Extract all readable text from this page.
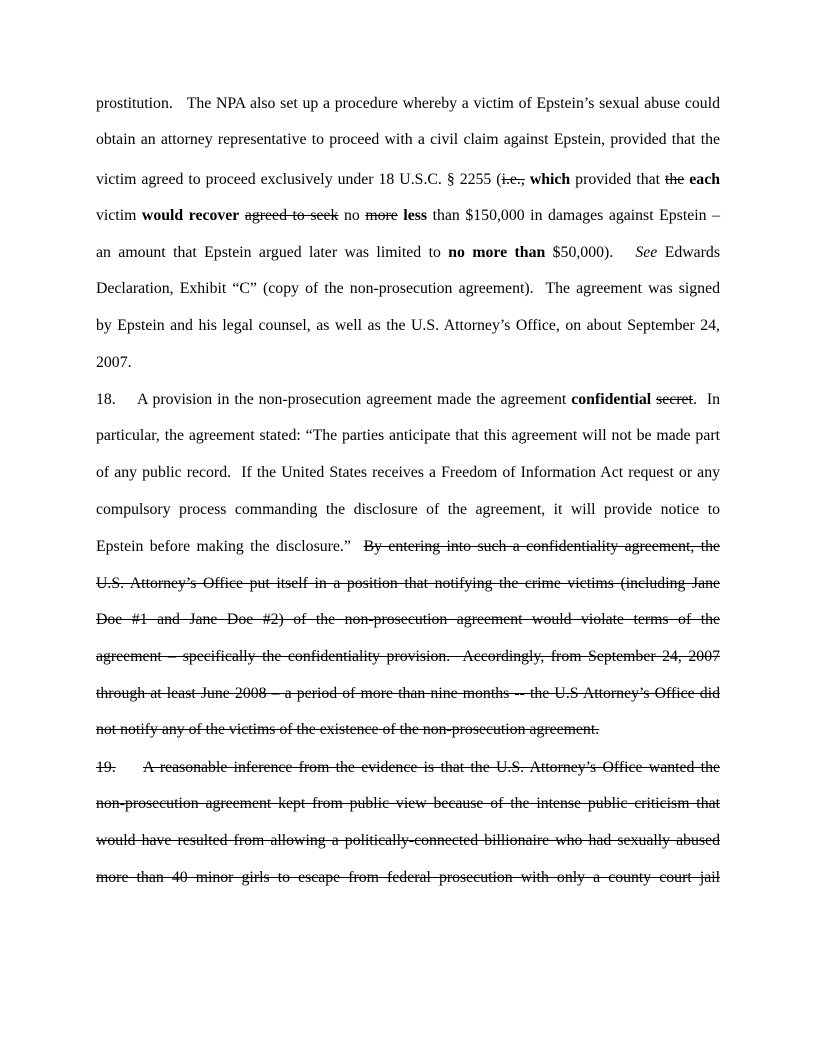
prostitution.   The NPA also set up a procedure whereby a victim of Epstein’s sexual abuse could
obtain an attorney representative to proceed with a civil claim against Epstein, provided that the
victim agreed to proceed exclusively under 18 U.S.C. § 2255 (i.e., which provided that the each
victim would recover agreed to seek no more less than $150,000 in damages against Epstein –
an amount that Epstein argued later was limited to no more than $50,000).   See Edwards
Declaration, Exhibit “C” (copy of the non-prosecution agreement).  The agreement was signed
by Epstein and his legal counsel, as well as the U.S. Attorney’s Office, on about September 24,
2007.
18. A provision in the non-prosecution agreement made the agreement confidential secret.  In
particular, the agreement stated: “The parties anticipate that this agreement will not be made part
of any public record.  If the United States receives a Freedom of Information Act request or any
compulsory process commanding the disclosure of the agreement, it will provide notice to
Epstein before making the disclosure.”  By entering into such a confidentiality agreement, the
U.S. Attorney’s Office put itself in a position that notifying the crime victims (including Jane
Doe #1 and Jane Doe #2) of the non-prosecution agreement would violate terms of the
agreement – specifically the confidentiality provision.  Accordingly, from September 24, 2007
through at least June 2008 – a period of more than nine months -- the U.S Attorney’s Office did
not notify any of the victims of the existence of the non-prosecution agreement.
19. A reasonable inference from the evidence is that the U.S. Attorney’s Office wanted the
non-prosecution agreement kept from public view because of the intense public criticism that
would have resulted from allowing a politically-connected billionaire who had sexually abused
more than 40 minor girls to escape from federal prosecution with only a county court jail
